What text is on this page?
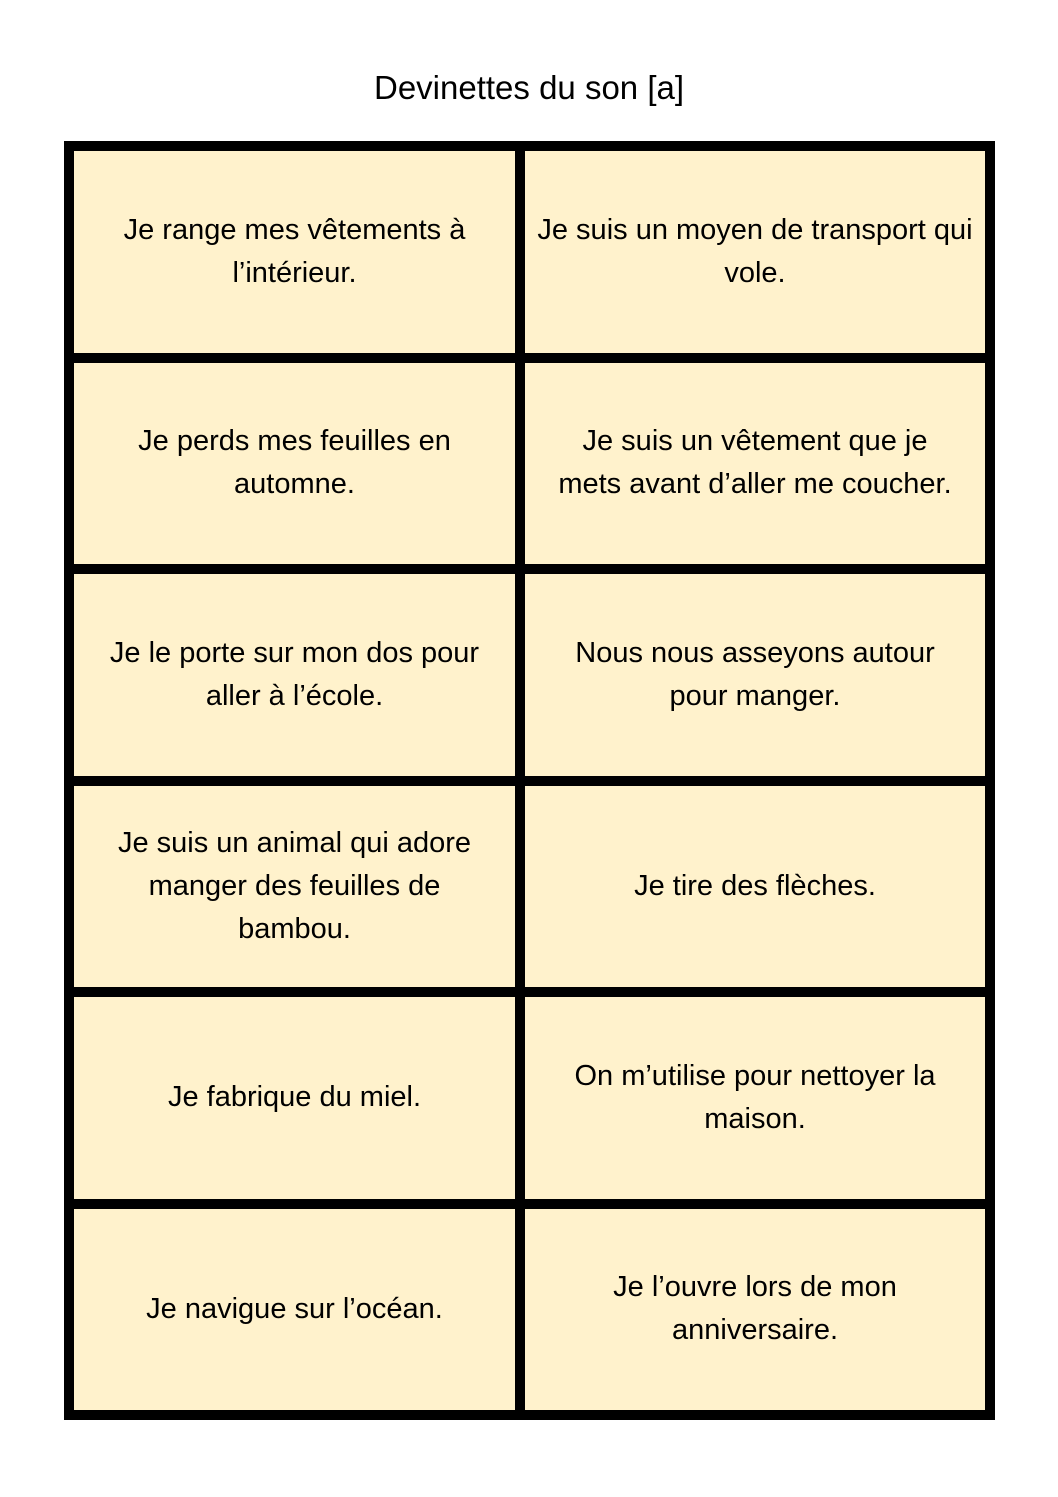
Devinettes du son [a]
Je range mes vêtements à l’intérieur.
Je suis un moyen de transport qui vole.
Je perds mes feuilles en automne.
Je suis un vêtement que je mets avant d’aller me coucher.
Je le porte sur mon dos pour aller à l’école.
Nous nous asseyons autour pour manger.
Je suis un animal qui adore manger des feuilles de bambou.
Je tire des flèches.
Je fabrique du miel.
On m’utilise pour nettoyer la maison.
Je navigue sur l’océan.
Je l’ouvre lors de mon anniversaire.
